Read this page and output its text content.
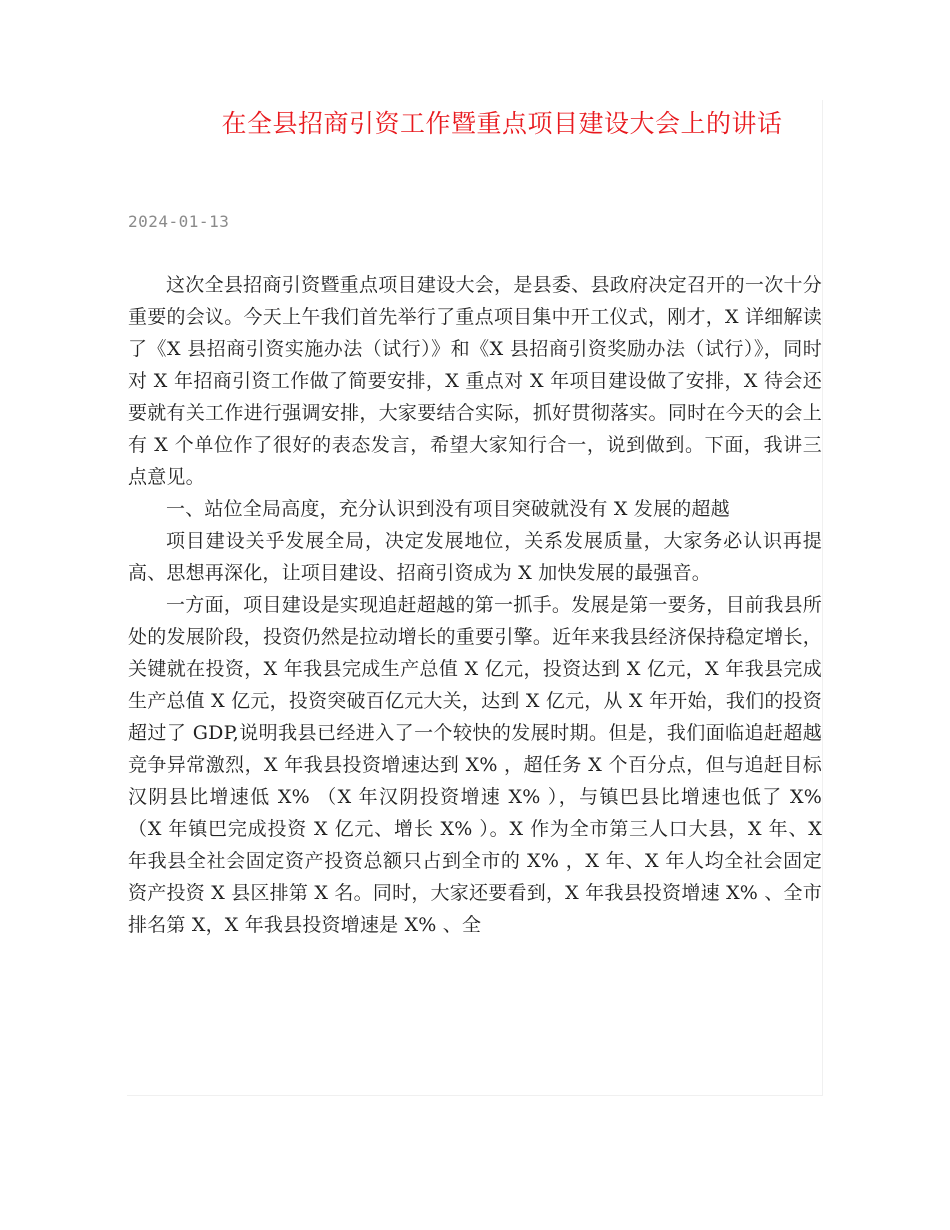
在全县招商引资工作暨重点项目建设大会上的讲话
2024-01-13

这次全县招商引资暨重点项目建设大会，是县委、县政府决定召开的一次十分重要的会议。今天上午我们首先举行了重点项目集中开工仪式，刚才，X 详细解读了《X 县招商引资实施办法（试行）》和《X 县招商引资奖励办法（试行）》，同时对 X 年招商引资工作做了简要安排，X 重点对 X 年项目建设做了安排，X 待会还要就有关工作进行强调安排，大家要结合实际，抓好贯彻落实。同时在今天的会上有 X 个单位作了很好的表态发言，希望大家知行合一，说到做到。下面，我讲三点意见。

一、站位全局高度，充分认识到没有项目突破就没有 X 发展的超越

项目建设关乎发展全局，决定发展地位，关系发展质量，大家务必认识再提高、思想再深化，让项目建设、招商引资成为 X 加快发展的最强音。

一方面，项目建设是实现追赶超越的第一抓手。发展是第一要务，目前我县所处的发展阶段，投资仍然是拉动增长的重要引擎。近年来我县经济保持稳定增长，关键就在投资，X 年我县完成生产总值 X 亿元，投资达到 X 亿元，X 年我县完成生产总值 X 亿元，投资突破百亿元大关，达到 X 亿元，从 X 年开始，我们的投资超过了 GDP,说明我县已经进入了一个较快的发展时期。但是，我们面临追赶超越竞争异常激烈，X 年我县投资增速达到 X% ，超任务 X 个百分点，但与追赶目标汉阴县比增速低 X% （X 年汉阴投资增速 X% ），与镇巴县比增速也低了 X% （X 年镇巴完成投资 X 亿元、增长 X% ）。X 作为全市第三人口大县，X 年、X 年我县全社会固定资产投资总额只占到全市的 X% ，X 年、X 年人均全社会固定资产投资 X 县区排第 X 名。同时，大家还要看到，X 年我县投资增速 X% 、全市排名第 X，X 年我县投资增速是 X% 、全
